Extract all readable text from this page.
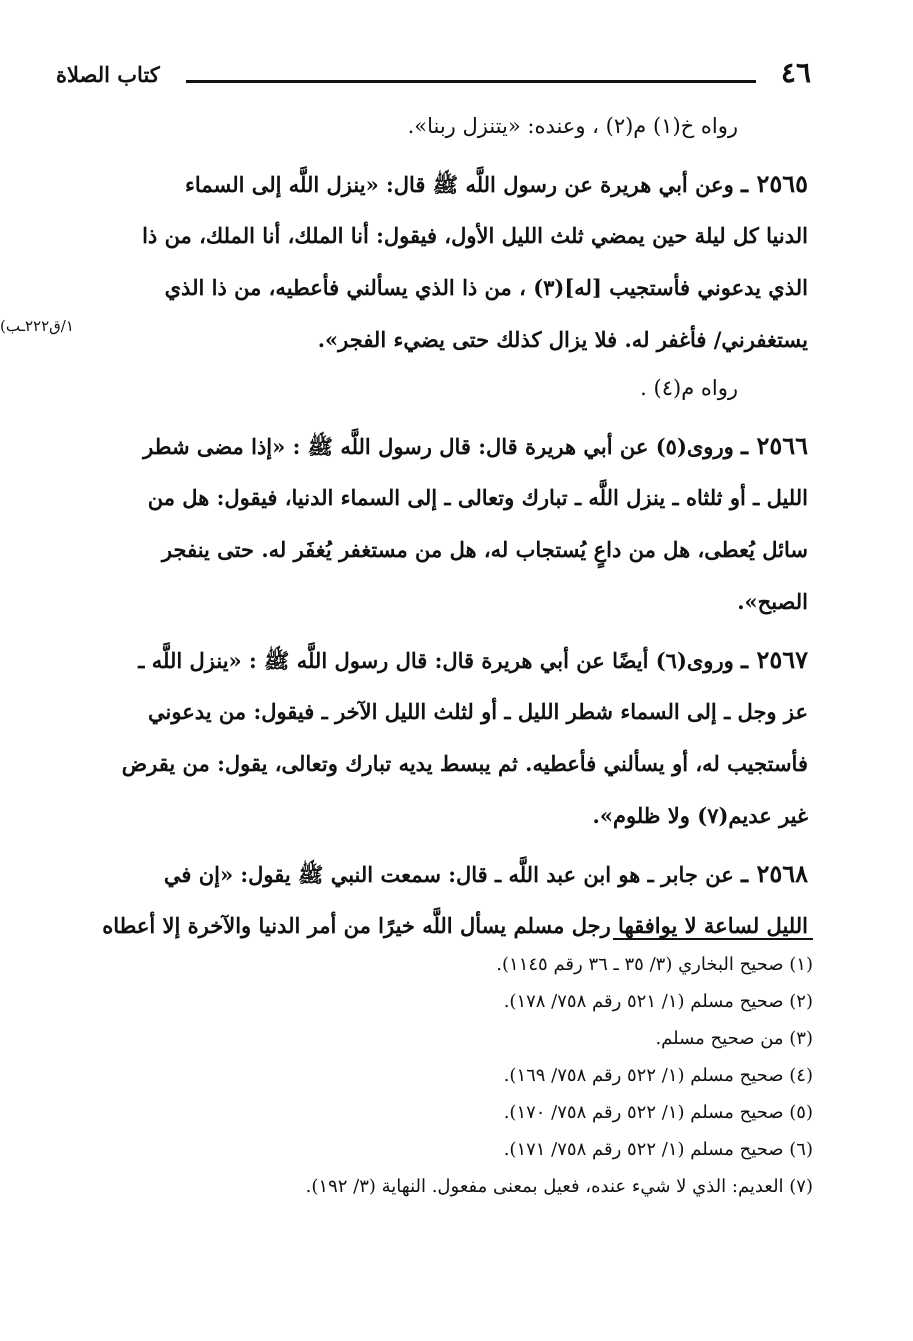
٤٦
كتاب الصلاة
١/ق٢٢٢ـب)
رواه خ(١) م(٢) ، وعنده: «يتنزل ربنا».
٢٥٦٥ ـ وعن أبي هريرة عن رسول اللَّه ﷺ قال: «ينزل اللَّه إلى السماء
الدنيا كل ليلة حين يمضي ثلث الليل الأول، فيقول: أنا الملك، أنا الملك، من ذا
الذي يدعوني فأستجيب [له](٣) ، من ذا الذي يسألني فأعطيه، من ذا الذي
يستغفرني/ فأغفر له. فلا يزال كذلك حتى يضيء الفجر».
رواه م(٤) .
٢٥٦٦ ـ وروى(٥) عن أبي هريرة قال: قال رسول اللَّه ﷺ : «إذا مضى شطر
الليل ـ أو ثلثاه ـ ينزل اللَّه ـ تبارك وتعالى ـ إلى السماء الدنيا، فيقول: هل من
سائل يُعطى، هل من داعٍ يُستجاب له، هل من مستغفر يُغفَر له. حتى ينفجر
الصبح».
٢٥٦٧ ـ وروى(٦) أيضًا عن أبي هريرة قال: قال رسول اللَّه ﷺ : «ينزل اللَّه ـ
عز وجل ـ إلى السماء شطر الليل ـ أو لثلث الليل الآخر ـ فيقول: من يدعوني
فأستجيب له، أو يسألني فأعطيه. ثم يبسط يديه تبارك وتعالى، يقول: من يقرض
غير عديم(٧) ولا ظلوم».
٢٥٦٨ ـ عن جابر ـ هو ابن عبد اللَّه ـ قال: سمعت النبي ﷺ يقول: «إن في
الليل لساعة لا يوافقها رجل مسلم يسأل اللَّه خيرًا من أمر الدنيا والآخرة إلا أعطاه
(١) صحيح البخاري (٣/ ٣٥ ـ ٣٦ رقم ١١٤٥).
(٢) صحيح مسلم (١/ ٥٢١ رقم ٧٥٨/ ١٧٨).
(٣) من صحيح مسلم.
(٤) صحيح مسلم (١/ ٥٢٢ رقم ٧٥٨/ ١٦٩).
(٥) صحيح مسلم (١/ ٥٢٢ رقم ٧٥٨/ ١٧٠).
(٦) صحيح مسلم (١/ ٥٢٢ رقم ٧٥٨/ ١٧١).
(٧) العديم: الذي لا شيء عنده، فعيل بمعنى مفعول. النهاية (٣/ ١٩٢).
